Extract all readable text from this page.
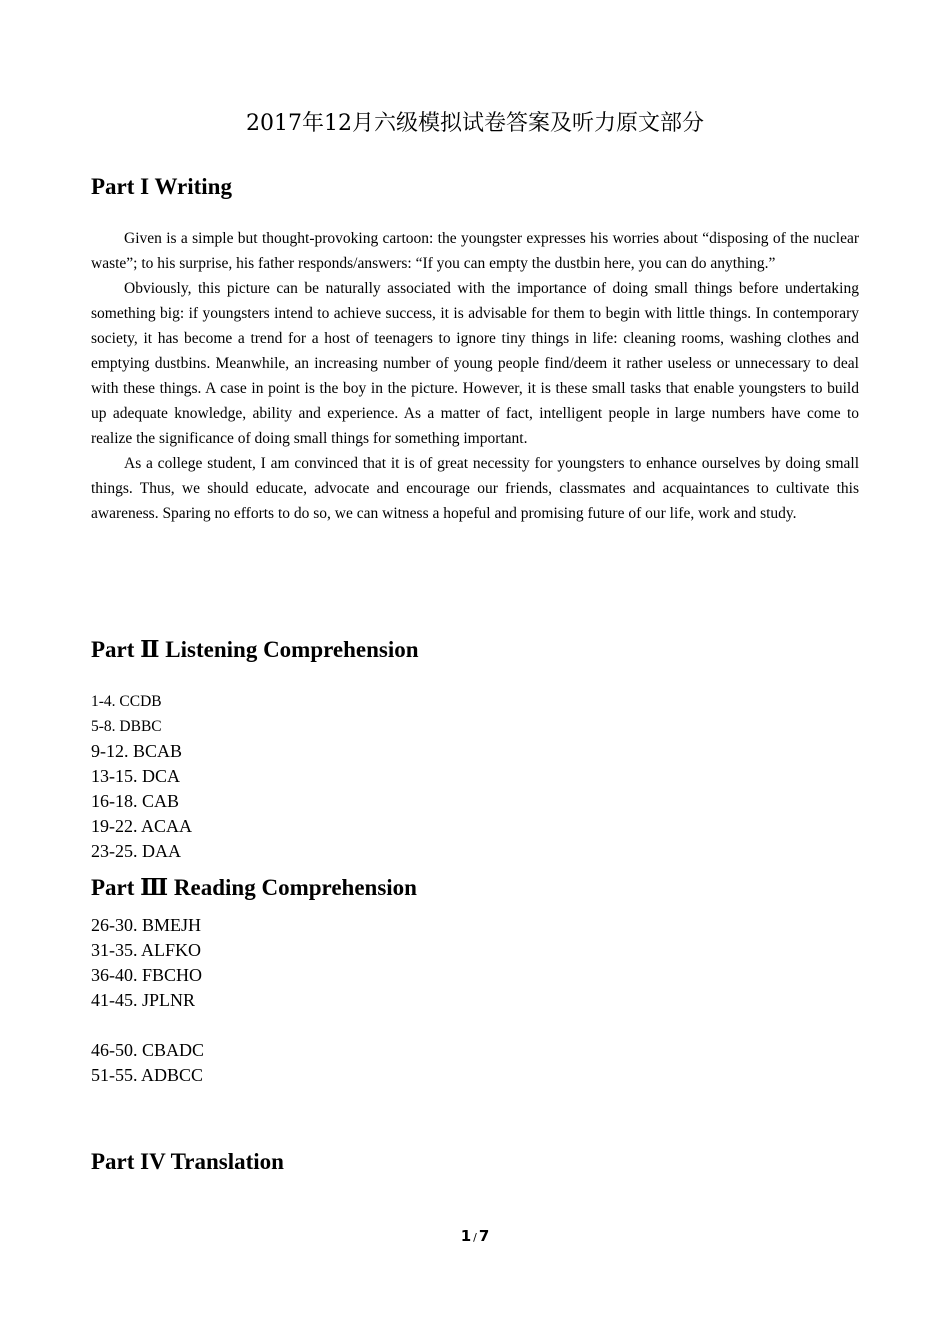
2017年12月六级模拟试卷答案及听力原文部分
Part I Writing

Given is a simple but thought-provoking cartoon: the youngster expresses his worries about “disposing of the nuclear waste”; to his surprise, his father responds/answers: “If you can empty the dustbin here, you can do anything.”

Obviously, this picture can be naturally associated with the importance of doing small things before undertaking something big: if youngsters intend to achieve success, it is advisable for them to begin with little things. In contemporary society, it has become a trend for a host of teenagers to ignore tiny things in life: cleaning rooms, washing clothes and emptying dustbins. Meanwhile, an increasing number of young people find/deem it rather useless or unnecessary to deal with these things. A case in point is the boy in the picture. However, it is these small tasks that enable youngsters to build up adequate knowledge, ability and experience. As a matter of fact, intelligent people in large numbers have come to realize the significance of doing small things for something important.

As a college student, I am convinced that it is of great necessity for youngsters to enhance ourselves by doing small things. Thus, we should educate, advocate and encourage our friends, classmates and acquaintances to cultivate this awareness. Sparing no efforts to do so, we can witness a hopeful and promising future of our life, work and study.

Part Ⅱ Listening Comprehension
1-4. CCDB
5-8. DBBC
9-12. BCAB
13-15. DCA
16-18. CAB
19-22. ACAA
23-25. DAA
Part Ⅲ Reading Comprehension
26-30. BMEJH
31-35. ALFKO
36-40. FBCHO
41-45. JPLNR
46-50. CBADC
51-55. ADBCC
Part IV Translation
1 / 7
